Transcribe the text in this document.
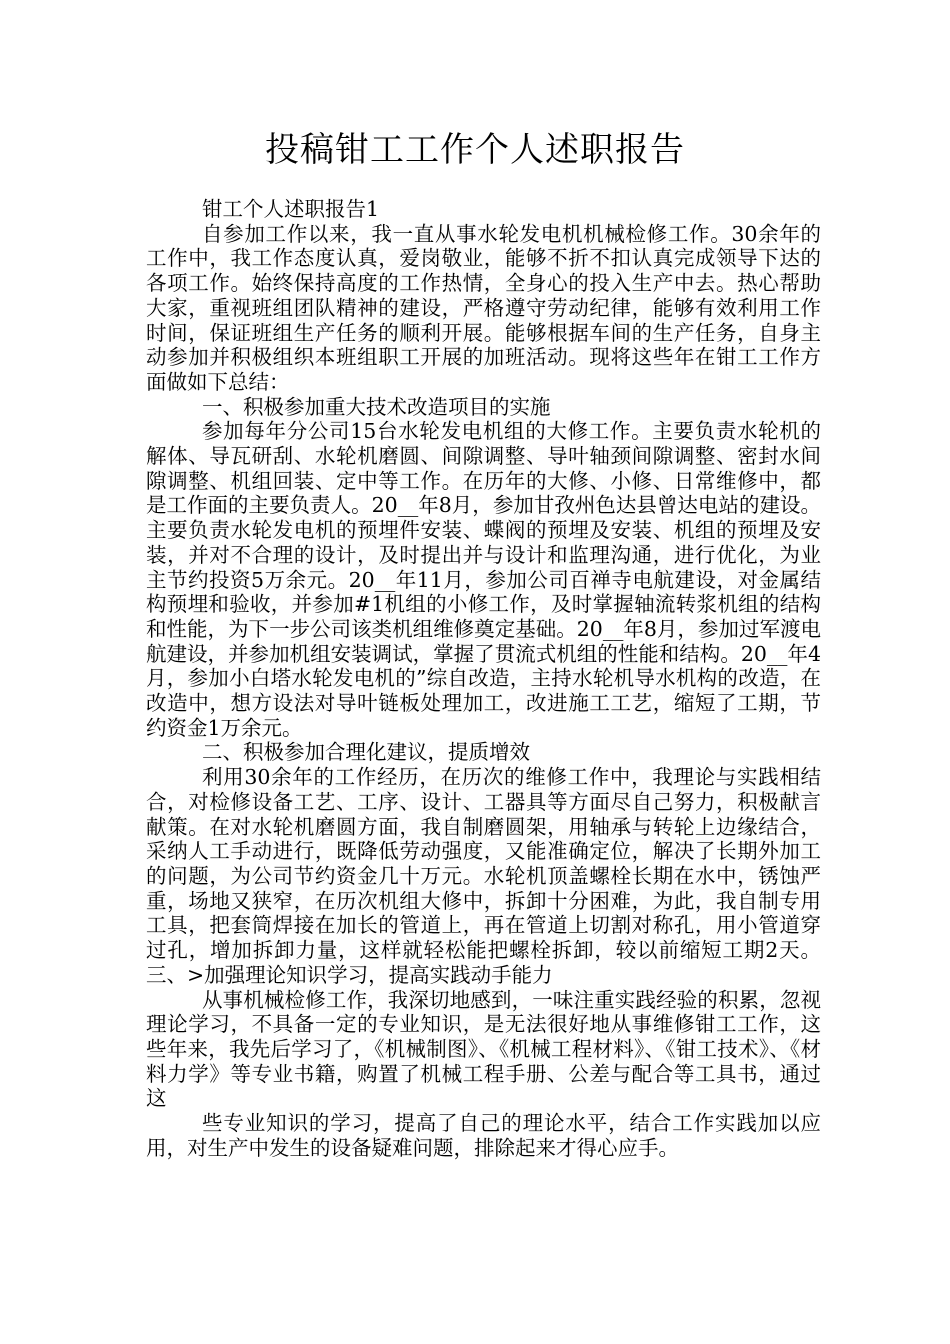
投稿钳工工作个人述职报告

钳工个人述职报告1

自参加工作以来，我一直从事水轮发电机机械检修工作。30余年的工作中，我工作态度认真，爱岗敬业，能够不折不扣认真完成领导下达的各项工作。始终保持高度的工作热情，全身心的投入生产中去。热心帮助大家，重视班组团队精神的建设，严格遵守劳动纪律，能够有效利用工作时间，保证班组生产任务的顺利开展。能够根据车间的生产任务，自身主动参加并积极组织本班组职工开展的加班活动。现将这些年在钳工工作方面做如下总结：

一、积极参加重大技术改造项目的实施

参加每年分公司15台水轮发电机组的大修工作。主要负责水轮机的解体、导瓦研刮、水轮机磨圆、间隙调整、导叶轴颈间隙调整、密封水间隙调整、机组回装、定中等工作。在历年的大修、小修、日常维修中，都是工作面的主要负责人。20__年8月，参加甘孜州色达县曾达电站的建设。主要负责水轮发电机的预埋件安装、蝶阀的预埋及安装、机组的预埋及安装，并对不合理的设计，及时提出并与设计和监理沟通，进行优化，为业主节约投资5万余元。20__年11月，参加公司百禅寺电航建设，对金属结构预埋和验收，并参加#1机组的小修工作，及时掌握轴流转浆机组的结构和性能，为下一步公司该类机组维修奠定基础。20__年8月，参加过军渡电航建设，并参加机组安装调试，掌握了贯流式机组的性能和结构。20__年4月，参加小白塔水轮发电机的”综自改造，主持水轮机导水机构的改造，在改造中，想方设法对导叶链板处理加工，改进施工工艺，缩短了工期，节约资金1万余元。

二、积极参加合理化建议，提质增效

利用30余年的工作经历，在历次的维修工作中，我理论与实践相结合，对检修设备工艺、工序、设计、工器具等方面尽自己努力，积极献言献策。在对水轮机磨圆方面，我自制磨圆架，用轴承与转轮上边缘结合，采纳人工手动进行，既降低劳动强度，又能准确定位，解决了长期外加工的问题，为公司节约资金几十万元。水轮机顶盖螺栓长期在水中，锈蚀严重，场地又狭窄，在历次机组大修中，拆卸十分困难，为此，我自制专用工具，把套筒焊接在加长的管道上，再在管道上切割对称孔，用小管道穿过孔，增加拆卸力量，这样就轻松能把螺栓拆卸，较以前缩短工期2天。三、>加强理论知识学习，提高实践动手能力

从事机械检修工作，我深切地感到，一味注重实践经验的积累，忽视理论学习，不具备一定的专业知识，是无法很好地从事维修钳工工作，这些年来，我先后学习了，《机械制图》、《机械工程材料》、《钳工技术》、《材料力学》等专业书籍，购置了机械工程手册、公差与配合等工具书，通过这

些专业知识的学习，提高了自己的理论水平，结合工作实践加以应用，对生产中发生的设备疑难问题，排除起来才得心应手。
